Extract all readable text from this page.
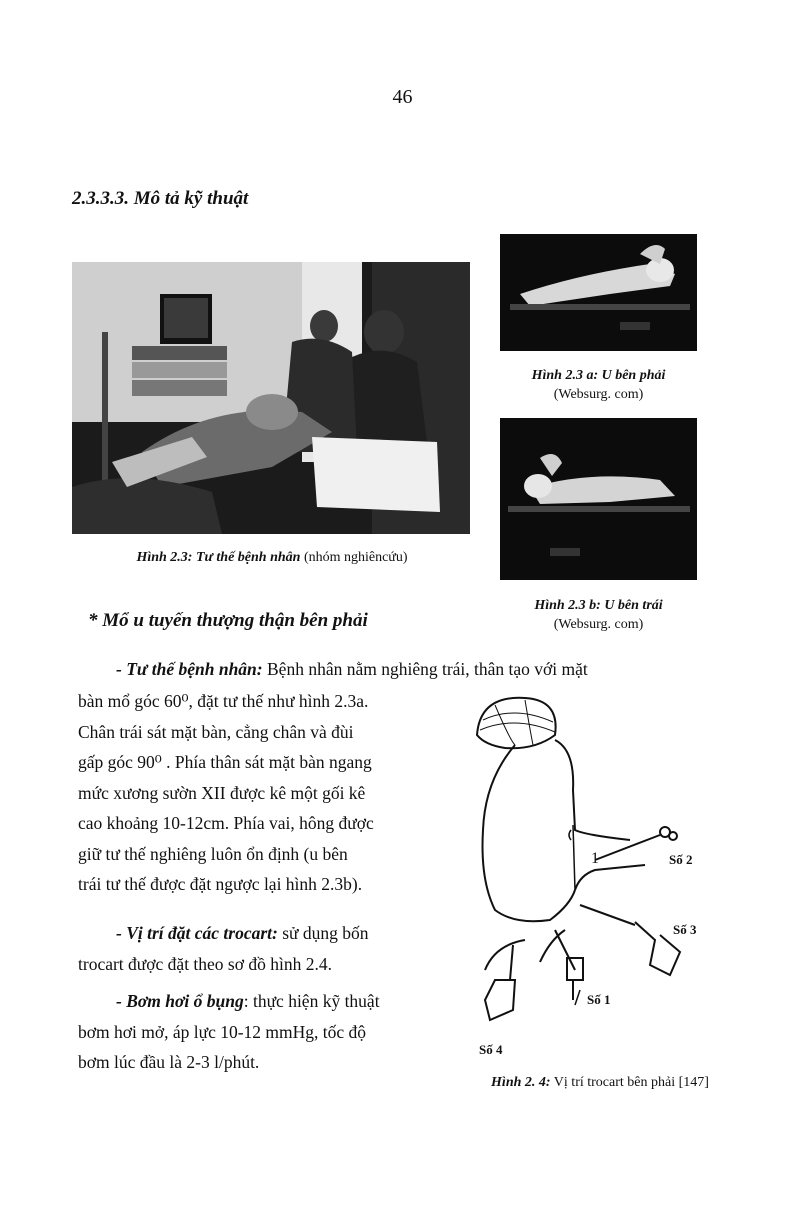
46
2.3.3.3. Mô tả kỹ thuật
Hình 2.3: Tư thế bệnh nhân (nhóm nghiêncứu)
Hình 2.3 a: U bên phải
(Websurg. com)
Hình 2.3 b: U bên trái
(Websurg. com)
* Mổ u tuyến thượng thận bên phải
- Tư thế bệnh nhân: Bệnh nhân nằm nghiêng trái, thân tạo với mặt
bàn mổ góc 60⁰, đặt tư thế như hình 2.3a.
Chân trái sát mặt bàn, cẳng chân và đùi
gấp góc 90⁰ . Phía thân sát mặt bàn ngang
mức xương sườn XII được kê một gối kê
cao khoảng 10-12cm. Phía vai, hông được
giữ tư thế nghiêng luôn ổn định (u bên
trái tư thế được đặt ngược lại hình 2.3b).
- Vị trí đặt các trocart: sử dụng bốn
trocart được đặt theo sơ đồ hình 2.4.
- Bơm hơi ổ bụng: thực hiện kỹ thuật
bơm hơi mở, áp lực 10-12 mmHg, tốc độ
bơm lúc đầu là 2-3 l/phút.
1	Số 2
Số 3
Số 1
Số 4
Hình 2. 4: Vị trí trocart bên phải [147]
